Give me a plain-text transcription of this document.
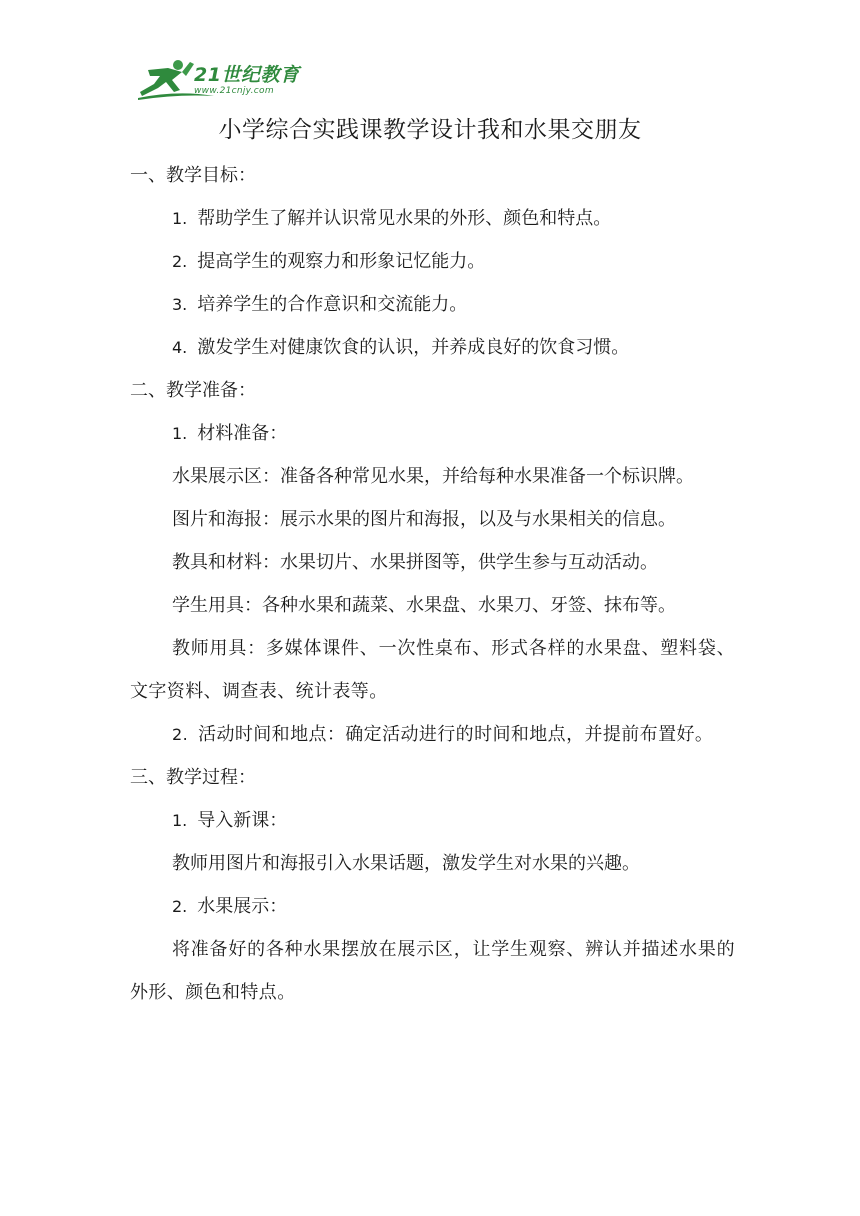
21世纪教育
www.21cnjy.com
小学综合实践课教学设计我和水果交朋友
一、教学目标：
1. 帮助学生了解并认识常见水果的外形、颜色和特点。
2. 提高学生的观察力和形象记忆能力。
3. 培养学生的合作意识和交流能力。
4. 激发学生对健康饮食的认识，并养成良好的饮食习惯。
二、教学准备：
1. 材料准备：
水果展示区：准备各种常见水果，并给每种水果准备一个标识牌。
图片和海报：展示水果的图片和海报，以及与水果相关的信息。
教具和材料：水果切片、水果拼图等，供学生参与互动活动。
学生用具：各种水果和蔬菜、水果盘、水果刀、牙签、抹布等。
教师用具：多媒体课件、一次性桌布、形式各样的水果盘、塑料袋、文字资料、调查表、统计表等。
2. 活动时间和地点：确定活动进行的时间和地点，并提前布置好。
三、教学过程：
1. 导入新课：
教师用图片和海报引入水果话题，激发学生对水果的兴趣。
2. 水果展示：
将准备好的各种水果摆放在展示区，让学生观察、辨认并描述水果的外形、颜色和特点。
